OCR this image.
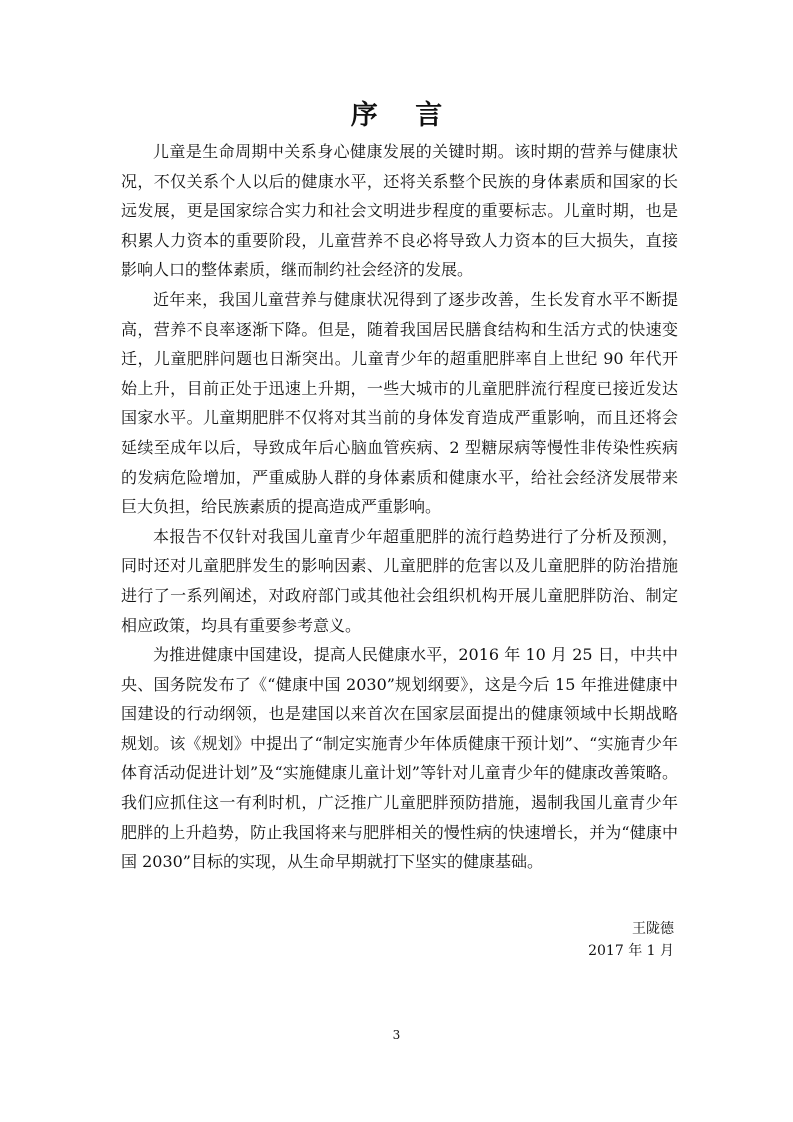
序 言

儿童是生命周期中关系身心健康发展的关键时期。该时期的营养与健康状况，不仅关系个人以后的健康水平，还将关系整个民族的身体素质和国家的长远发展，更是国家综合实力和社会文明进步程度的重要标志。儿童时期，也是积累人力资本的重要阶段，儿童营养不良必将导致人力资本的巨大损失，直接影响人口的整体素质，继而制约社会经济的发展。

近年来，我国儿童营养与健康状况得到了逐步改善，生长发育水平不断提高，营养不良率逐渐下降。但是，随着我国居民膳食结构和生活方式的快速变迁，儿童肥胖问题也日渐突出。儿童青少年的超重肥胖率自上世纪 90 年代开始上升，目前正处于迅速上升期，一些大城市的儿童肥胖流行程度已接近发达国家水平。儿童期肥胖不仅将对其当前的身体发育造成严重影响，而且还将会延续至成年以后，导致成年后心脑血管疾病、2 型糖尿病等慢性非传染性疾病的发病危险增加，严重威胁人群的身体素质和健康水平，给社会经济发展带来巨大负担，给民族素质的提高造成严重影响。

本报告不仅针对我国儿童青少年超重肥胖的流行趋势进行了分析及预测，同时还对儿童肥胖发生的影响因素、儿童肥胖的危害以及儿童肥胖的防治措施进行了一系列阐述，对政府部门或其他社会组织机构开展儿童肥胖防治、制定相应政策，均具有重要参考意义。

为推进健康中国建设，提高人民健康水平，2016 年 10 月 25 日，中共中央、国务院发布了《“健康中国 2030”规划纲要》，这是今后 15 年推进健康中国建设的行动纲领，也是建国以来首次在国家层面提出的健康领域中长期战略规划。该《规划》中提出了“制定实施青少年体质健康干预计划”、“实施青少年体育活动促进计划”及“实施健康儿童计划”等针对儿童青少年的健康改善策略。我们应抓住这一有利时机，广泛推广儿童肥胖预防措施，遏制我国儿童青少年肥胖的上升趋势，防止我国将来与肥胖相关的慢性病的快速增长，并为“健康中国 2030”目标的实现，从生命早期就打下坚实的健康基础。

王陇德
2017 年 1 月
3
